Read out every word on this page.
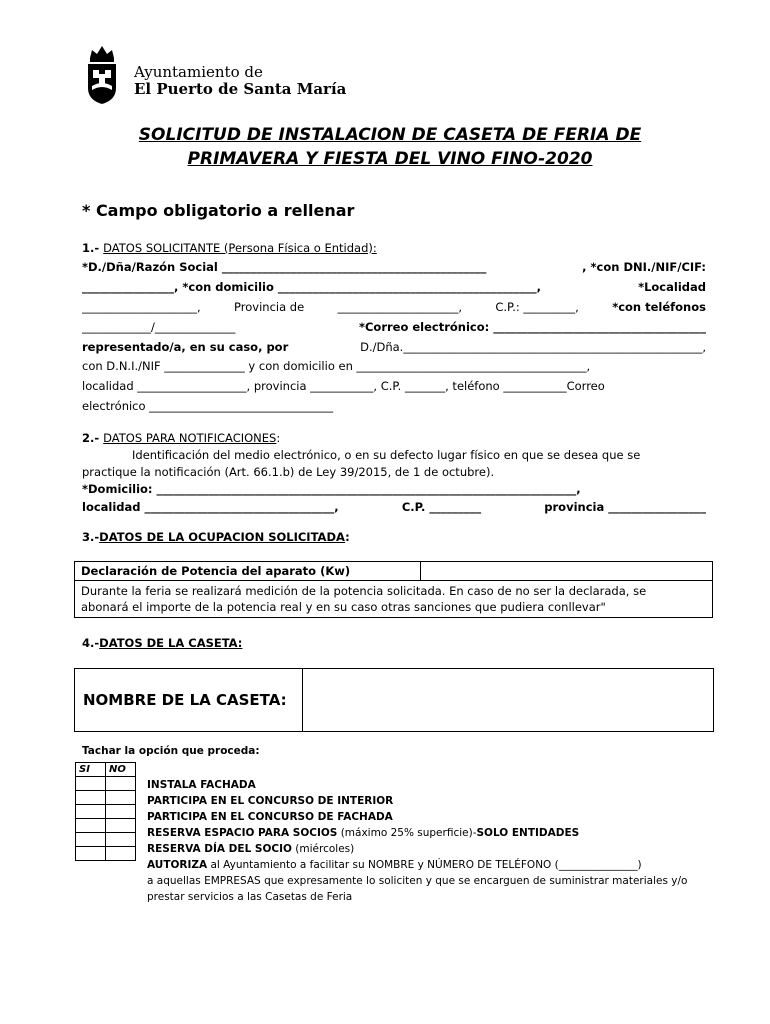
Ayuntamiento de
El Puerto de Santa María
SOLICITUD DE INSTALACION DE CASETA DE FERIA DE
PRIMAVERA Y FIESTA DEL VINO FINO-2020
* Campo obligatorio a rellenar
1.- DATOS SOLICITANTE (Persona Física o Entidad):
*D./Dña/Razón Social ______________________________________________	, *con DNI./NIF/CIF:
________________, *con domicilio _____________________________________________,	*Localidad
____________________,	Provincia de	_____________________,	C.P.: _________,	*con teléfonos
____________/______________	*Correo electrónico: _____________________________________
representado/a, en su caso, por	D./Dña.____________________________________________________,
con D.N.I./NIF ______________ y con domicilio en ________________________________________,
localidad ___________________, provincia ___________, C.P. _______, teléfono ___________Correo
electrónico ________________________________
2.- DATOS PARA NOTIFICACIONES:
Identificación del medio electrónico, o en su defecto lugar físico en que se desea que se
practique la notificación (Art. 66.1.b) de Ley 39/2015, de 1 de octubre).
*Domicilio: _________________________________________________________________________,
localidad _________________________________,	C.P. _________	provincia _________________
3.-DATOS DE LA OCUPACION SOLICITADA:
Declaración de Potencia del aparato (Kw)	

Durante la feria se realizará medición de la potencia solicitada. En caso de no ser la declarada, se
abonará el importe de la potencia real y en su caso otras sanciones que pudiera conllevar"
4.-DATOS DE LA CASETA:
NOMBRE DE LA CASETA:
Tachar la opción que proceda:
SI	NO

INSTALA FACHADA
PARTICIPA EN EL CONCURSO DE INTERIOR
PARTICIPA EN EL CONCURSO DE FACHADA
RESERVA ESPACIO PARA SOCIOS (máximo 25% superficie)-SOLO ENTIDADES
RESERVA DÍA DEL SOCIO (miércoles)
AUTORIZA al Ayuntamiento a facilitar su NOMBRE y NÚMERO DE TELÉFONO (_______________)
a aquellas EMPRESAS que expresamente lo soliciten y que se encarguen de suministrar materiales y/o
prestar servicios a las Casetas de Feria
